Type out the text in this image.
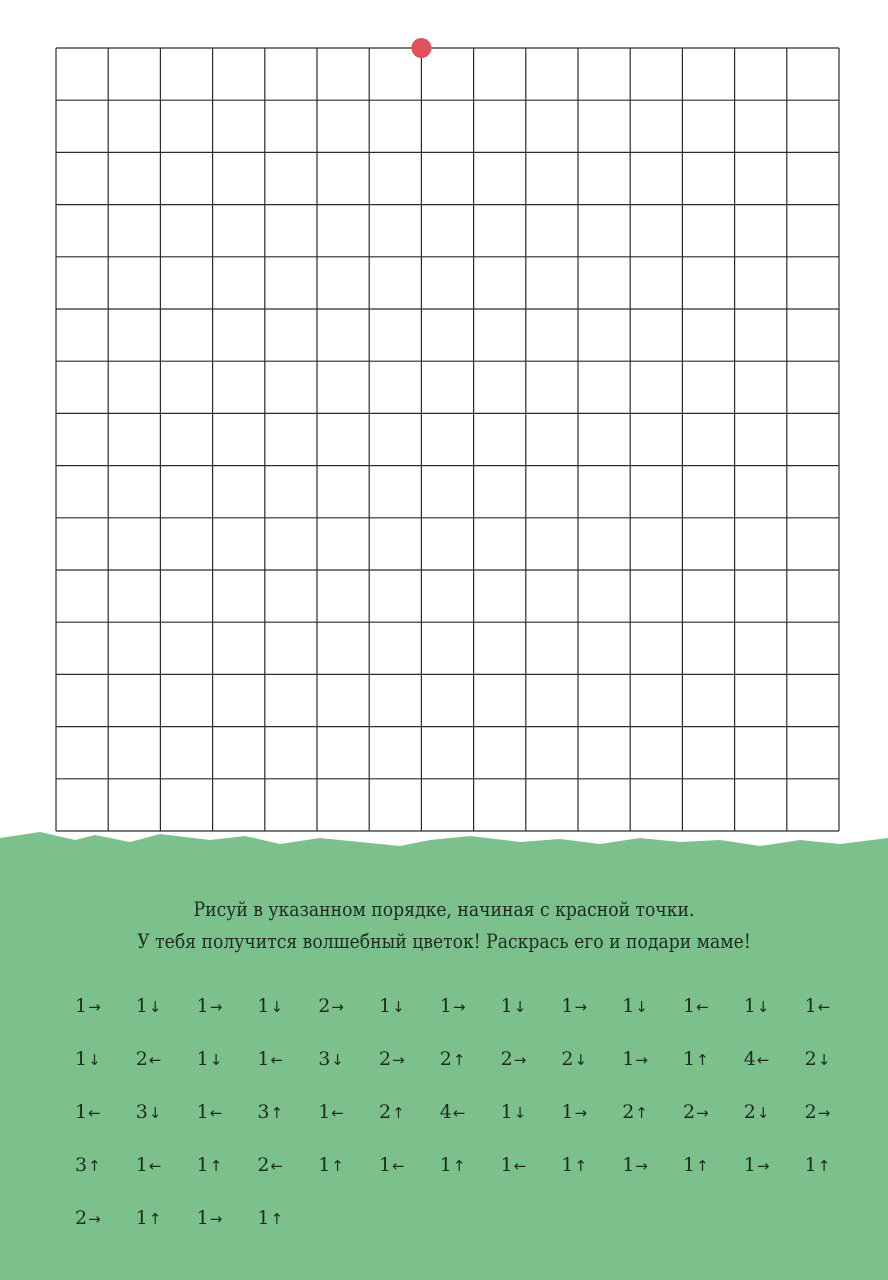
Рисуй в указанном порядке, начиная с красной точки.
У тебя получится волшебный цветок! Раскрась его и подари маме!
1→ 1↓ 1→ 1↓ 2→ 1↓ 1→ 1↓ 1→ 1↓ 1← 1↓ 1←
1↓ 2← 1↓ 1← 3↓ 2→ 2↑ 2→ 2↓ 1→ 1↑ 4← 2↓
1← 3↓ 1← 3↑ 1← 2↑ 4← 1↓ 1→ 2↑ 2→ 2↓ 2→
3↑ 1← 1↑ 2← 1↑ 1← 1↑ 1← 1↑ 1→ 1↑ 1→ 1↑
2→ 1↑ 1→ 1↑
